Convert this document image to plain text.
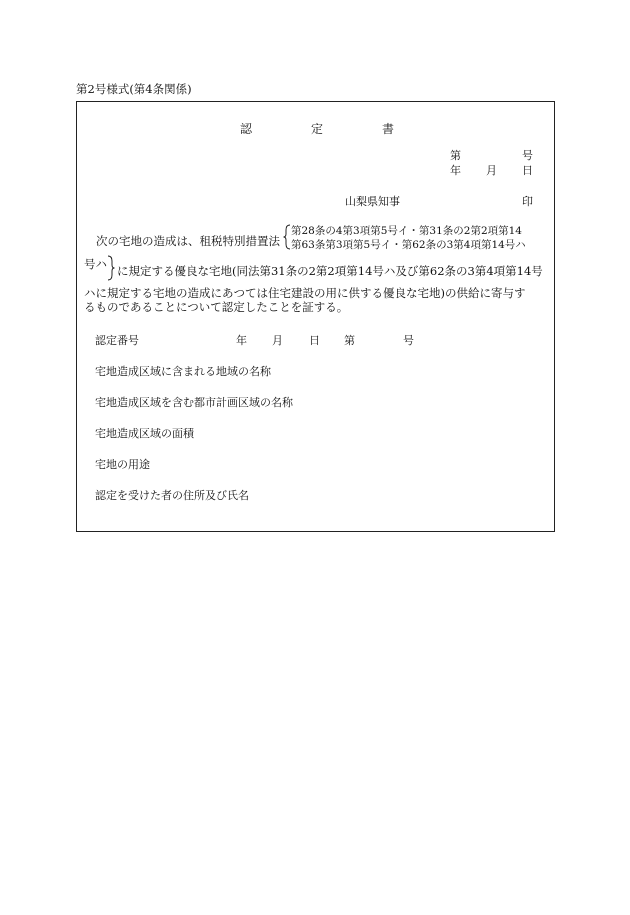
第2号様式(第4条関係)
認	定	書
第	号
年 月 日
山梨県知事	印
次の宅地の造成は、租税特別措置法
第28条の4第3項第5号イ・第31条の2第2項第14
第63条第3項第5号イ・第62条の3第4項第14号ハ
号ハ に規定する優良な宅地(同法第31条の2第2項第14号ハ及び第62条の3第4項第14号
ハに規定する宅地の造成にあつては住宅建設の用に供する優良な宅地)の供給に寄与す
るものであることについて認定したことを証する。
認定番号	年 月 日 第	号
宅地造成区域に含まれる地域の名称
宅地造成区域を含む都市計画区域の名称
宅地造成区域の面積
宅地の用途
認定を受けた者の住所及び氏名
